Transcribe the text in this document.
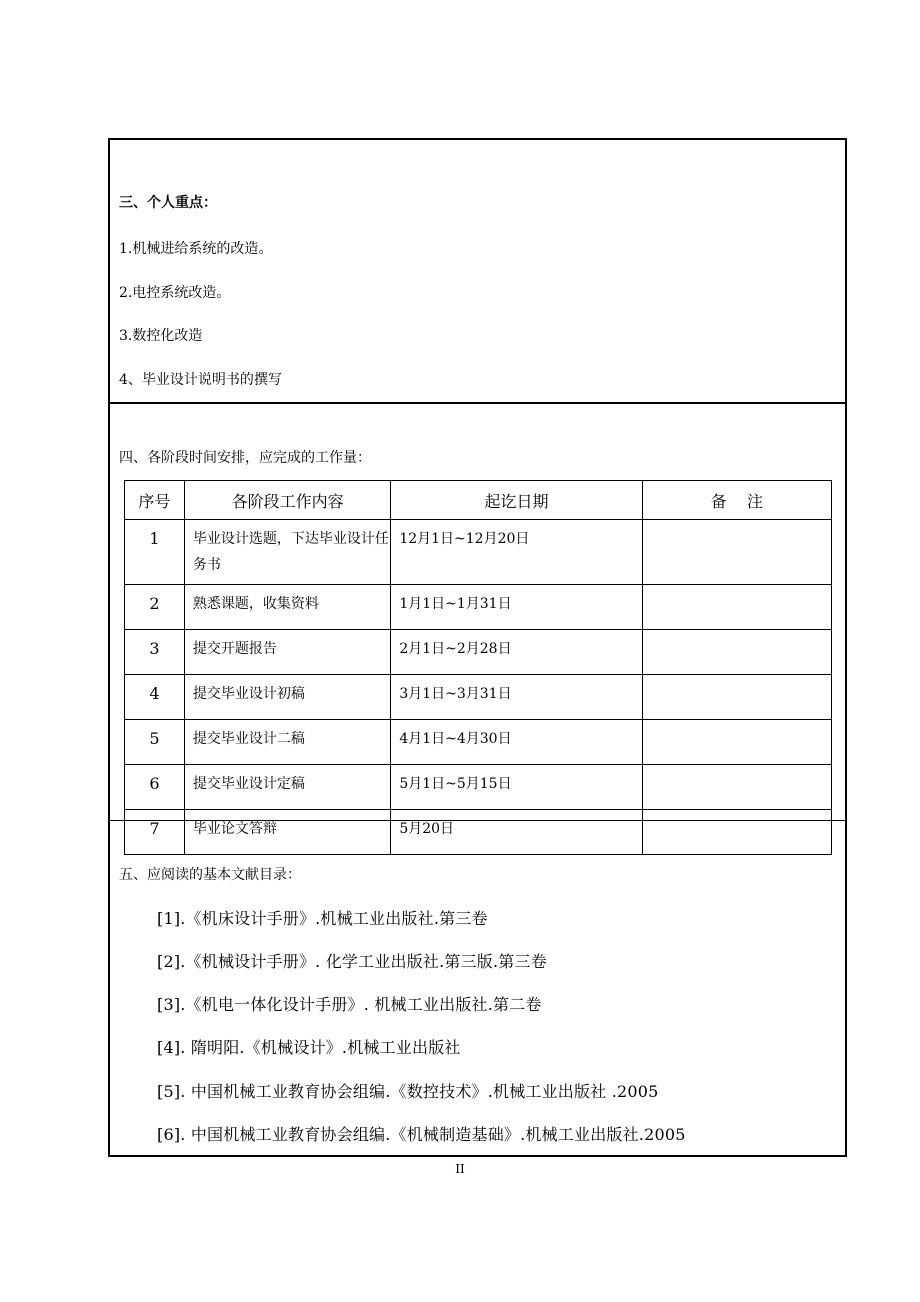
三、个人重点：
1.机械进给系统的改造。
2.电控系统改造。
3.数控化改造
4、毕业设计说明书的撰写
四、各阶段时间安排，应完成的工作量：
序号	各阶段工作内容	起讫日期	备    注
1	毕业设计选题，下达毕业设计任务书	12月1日~12月20日	
2	熟悉课题，收集资料	1月1日~1月31日	
3	提交开题报告	2月1日~2月28日	
4	提交毕业设计初稿	3月1日~3月31日	
5	提交毕业设计二稿	4月1日~4月30日	
6	提交毕业设计定稿	5月1日~5月15日	
7	毕业论文答辩	5月20日	
五、应阅读的基本文献目录：
[1].《机床设计手册》.机械工业出版社.第三卷
[2].《机械设计手册》. 化学工业出版社.第三版.第三卷
[3].《机电一体化设计手册》. 机械工业出版社.第二卷
[4]. 隋明阳.《机械设计》.机械工业出版社
[5]. 中国机械工业教育协会组编.《数控技术》.机械工业出版社 .2005
[6]. 中国机械工业教育协会组编.《机械制造基础》.机械工业出版社.2005
II
